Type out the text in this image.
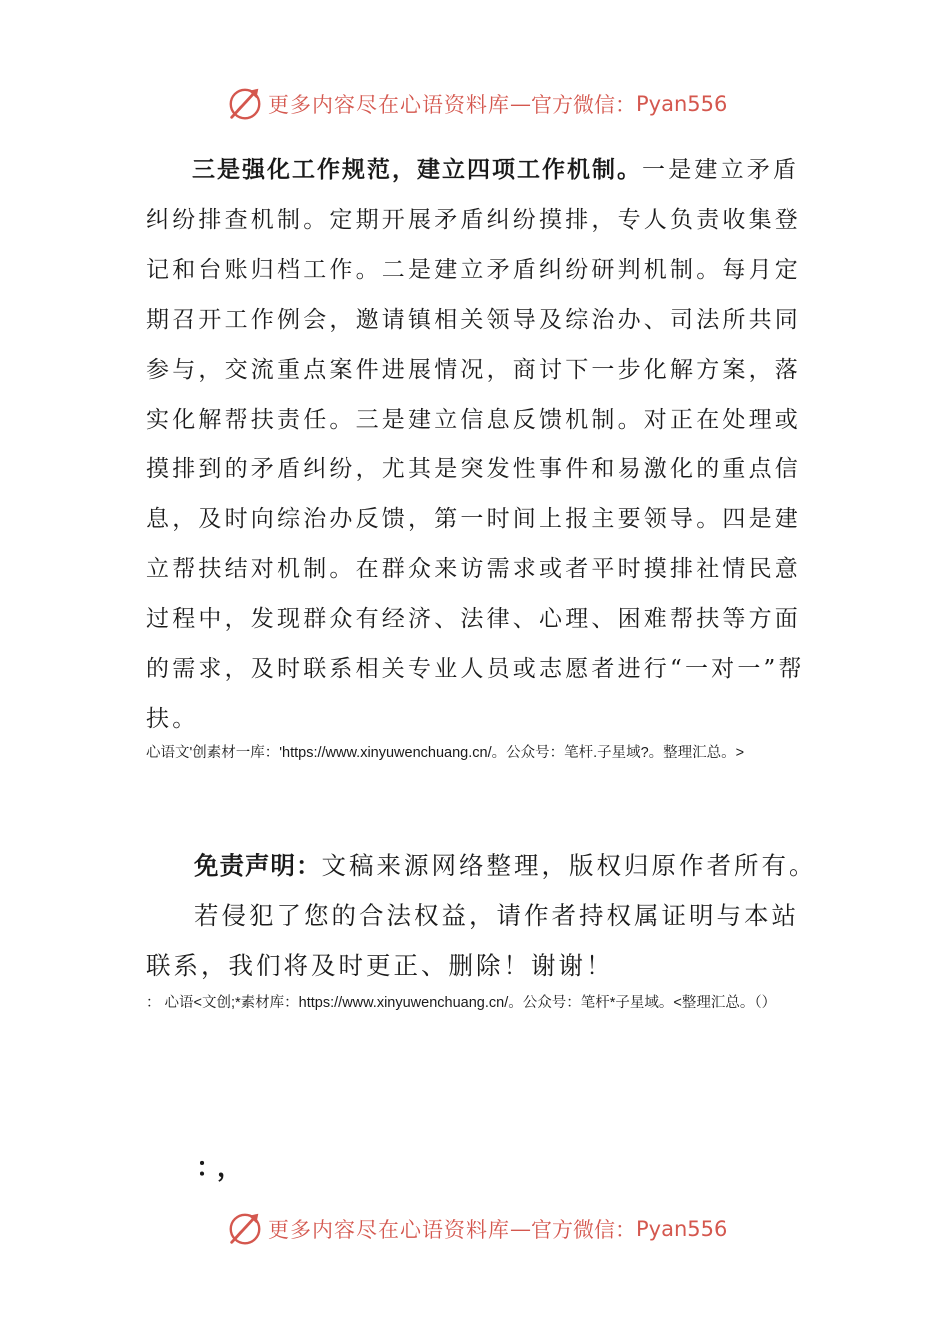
更多内容尽在心语资料库 — 官方微信： Pyan556

三是强化工作规范，建立四项工作机制。一是建立矛盾纠纷排查机制。定期开展矛盾纠纷摸排，专人负责收集登记和台账归档工作。二是建立矛盾纠纷研判机制。每月定期召开工作例会，邀请镇相关领导及综治办、司法所共同参与，交流重点案件进展情况，商讨下一步化解方案，落实化解帮扶责任。三是建立信息反馈机制。对正在处理或摸排到的矛盾纠纷，尤其是突发性事件和易激化的重点信息，及时向综治办反馈，第一时间上报主要领导。四是建立帮扶结对机制。在群众来访需求或者平时摸排社情民意过程中，发现群众有经济、法律、心理、困难帮扶等方面的需求，及时联系相关专业人员或志愿者进行“一对一”帮扶。

心语文'创素材一库：'https://www.xinyuwenchuang.cn/。公众号：笔杆.子星域?。整理汇总。>

免责声明：文稿来源网络整理，版权归原作者所有。
若侵犯了您的合法权益，请作者持权属证明与本站联系，我们将及时更正、删除！谢谢！

： 心语<文创;*素材库：https://www.xinyuwenchuang.cn/。公众号：笔杆*子星域。<整理汇总。（）
：，
更多内容尽在心语资料库 — 官方微信： Pyan556
